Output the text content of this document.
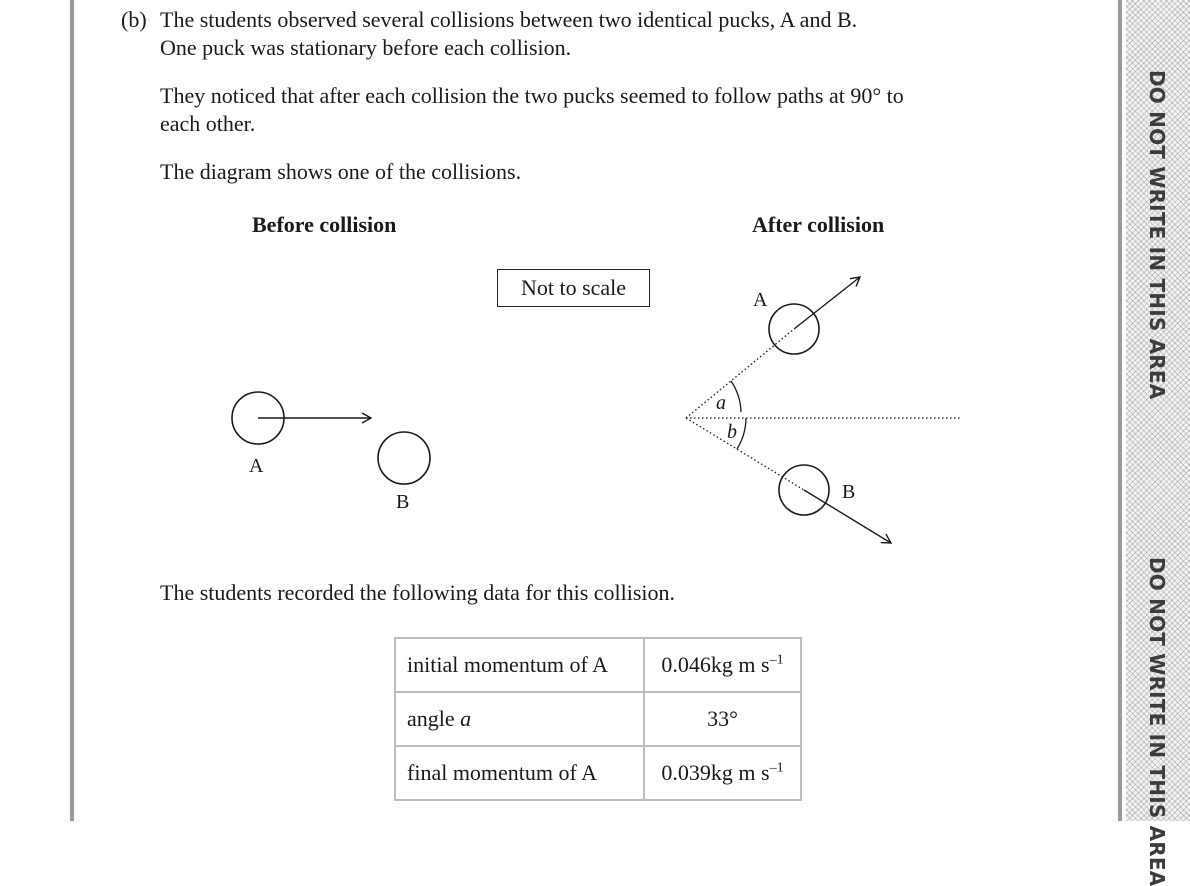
DO NOT WRITE IN THIS AREA
DO NOT WRITE IN THIS AREA
(b) The students observed several collisions between two identical pucks, A and B.
One puck was stationary before each collision.
They noticed that after each collision the two pucks seemed to follow paths at 90° to
each other.
The diagram shows one of the collisions.
Before collision	After collision
Not to scale
A
B
A
B
a
b
The students recorded the following data for this collision.
initial momentum of A	0.046kg m $s^{-1}$
angle a	33°
final momentum of A	0.039kg m $s^{-1}$
